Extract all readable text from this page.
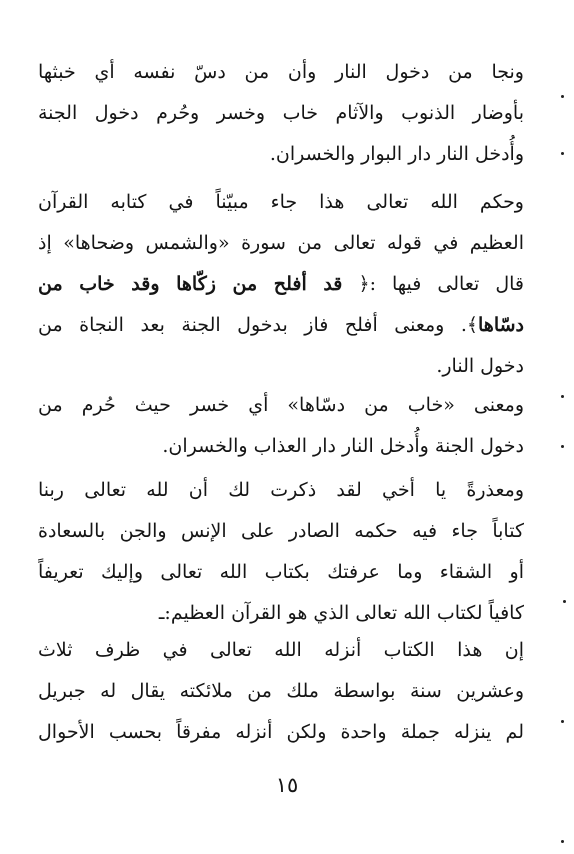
ونجا من دخول النار وأن من دسّ نفسه أي خبثها
بأوضار الذنوب والآثام خاب وخسر وحُرم دخول الجنة
وأُدخل النار دار البوار والخسران.
وحكم الله تعالى هذا جاء مبيّناً في كتابه القرآن
العظيم في قوله تعالى من سورة «والشمس وضحاها» إذ
قال تعالى فيها :﴿ قد أفلح من زكّاها وقد خاب من
دسّاها﴾. ومعنى أفلح فاز بدخول الجنة بعد النجاة من
دخول النار.
ومعنى «خاب من دسّاها» أي خسر حيث حُرم من
دخول الجنة وأُدخل النار دار العذاب والخسران.
ومعذرةً يا أخي لقد ذكرت لك أن لله تعالى ربنا
كتاباً جاء فيه حكمه الصادر على الإنس والجن بالسعادة
أو الشقاء وما عرفتك بكتاب الله تعالى وإليك تعريفاً
كافياً لكتاب الله تعالى الذي هو القرآن العظيم:ـ
إن هذا الكتاب أنزله الله تعالى في ظرف ثلاث
وعشرين سنة بواسطة ملك من ملائكته يقال له جبريل
لم ينزله جملة واحدة ولكن أنزله مفرقاً بحسب الأحوال
١٥
